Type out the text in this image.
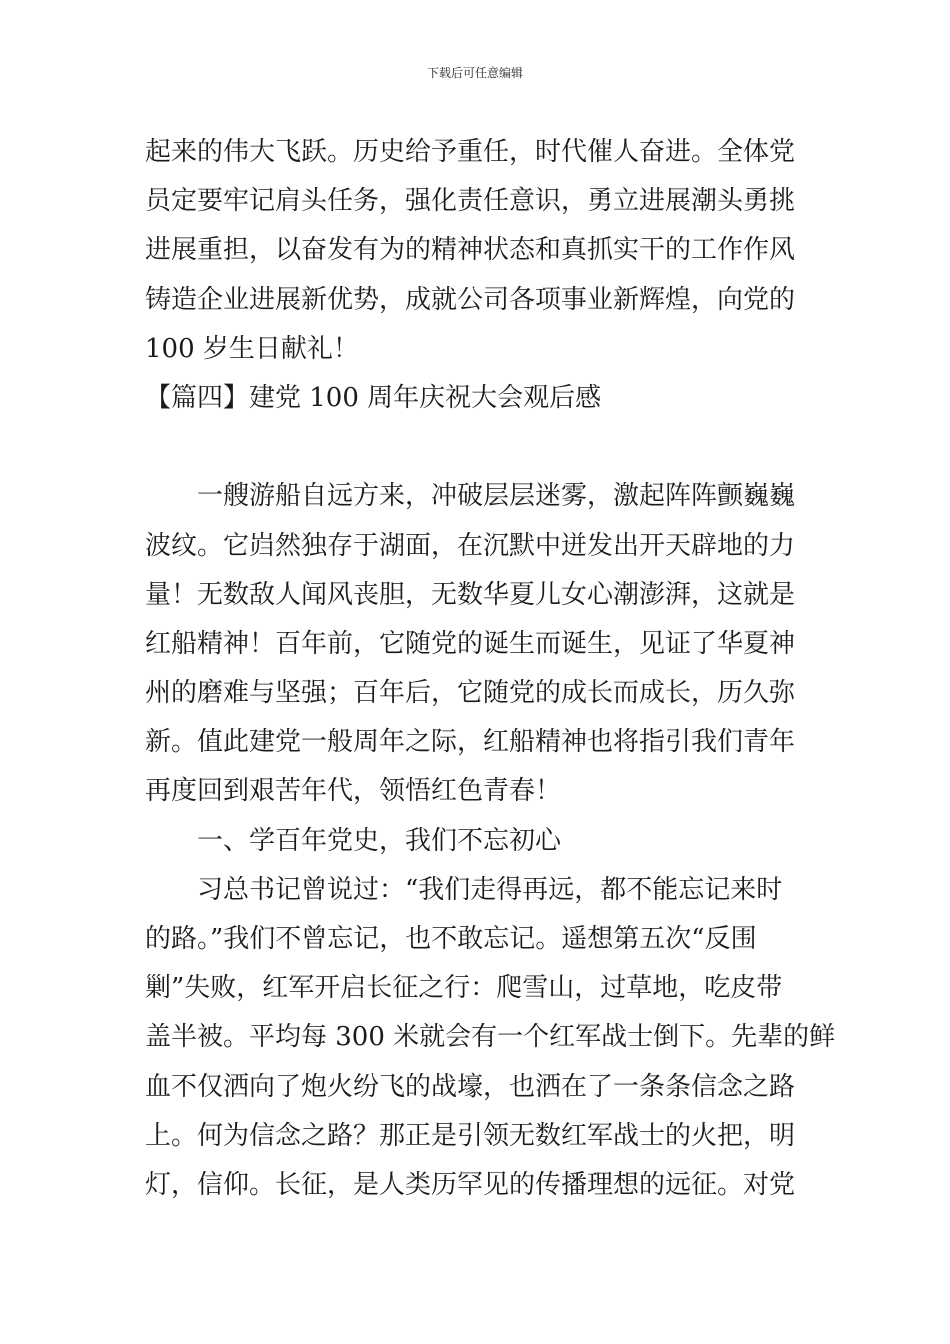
下载后可任意编辑
起来的伟大飞跃。历史给予重任，时代催人奋进。全体党
员定要牢记肩头任务，强化责任意识，勇立进展潮头勇挑
进展重担，以奋发有为的精神状态和真抓实干的工作作风
铸造企业进展新优势，成就公司各项事业新辉煌，向党的
100 岁生日献礼！
【篇四】建党 100 周年庆祝大会观后感
　　一艘游船自远方来，冲破层层迷雾，激起阵阵颤巍巍
波纹。它岿然独存于湖面，在沉默中迸发出开天辟地的力
量！无数敌人闻风丧胆，无数华夏儿女心潮澎湃，这就是
红船精神！百年前，它随党的诞生而诞生，见证了华夏神
州的磨难与坚强；百年后，它随党的成长而成长，历久弥
新。值此建党一般周年之际，红船精神也将指引我们青年
再度回到艰苦年代，领悟红色青春！
　　一、学百年党史，我们不忘初心
　　习总书记曾说过：“我们走得再远，都不能忘记来时
的路。”我们不曾忘记，也不敢忘记。遥想第五次“反围
剿”失败，红军开启长征之行：爬雪山，过草地，吃皮带
盖半被。平均每 300 米就会有一个红军战士倒下。先辈的鲜
血不仅洒向了炮火纷飞的战壕，也洒在了一条条信念之路
上。何为信念之路？那正是引领无数红军战士的火把，明
灯，信仰。长征，是人类历罕见的传播理想的远征。对党
